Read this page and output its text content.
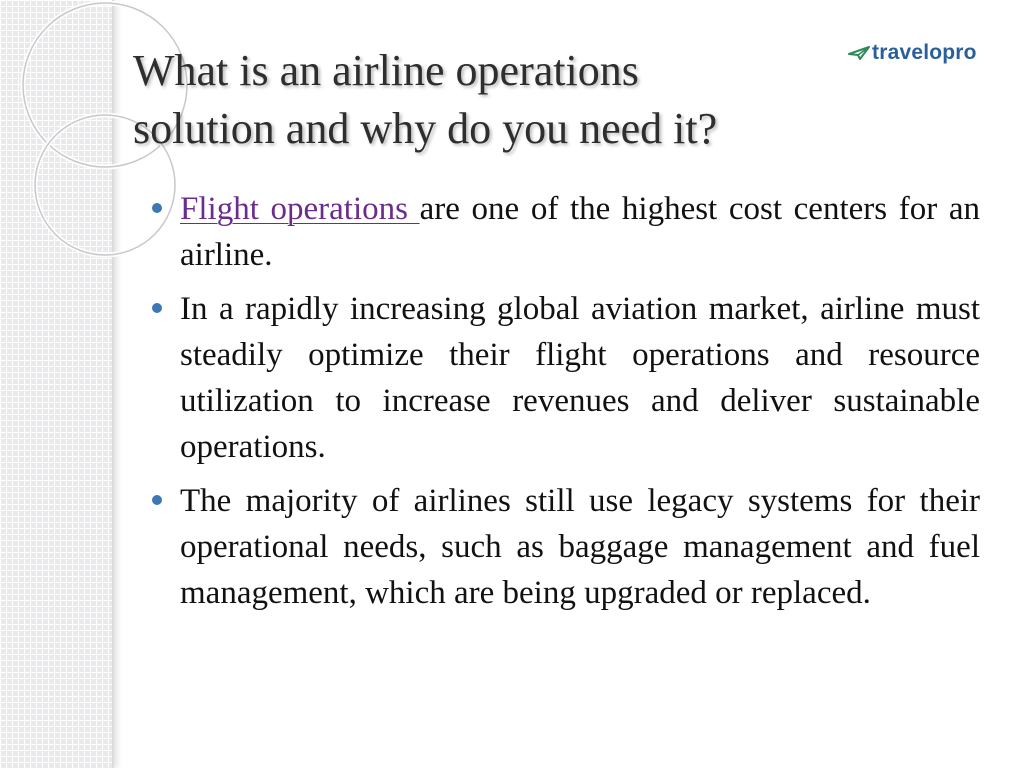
What is an airline operations
solution and why do you need it?
travelopro
Flight operations are one of the highest cost centers for an airline.
In a rapidly increasing global aviation market, airline must steadily optimize their flight operations and resource utilization to increase revenues and deliver sustainable operations.
The majority of airlines still use legacy systems for their operational needs, such as baggage management and fuel management, which are being upgraded or replaced.
